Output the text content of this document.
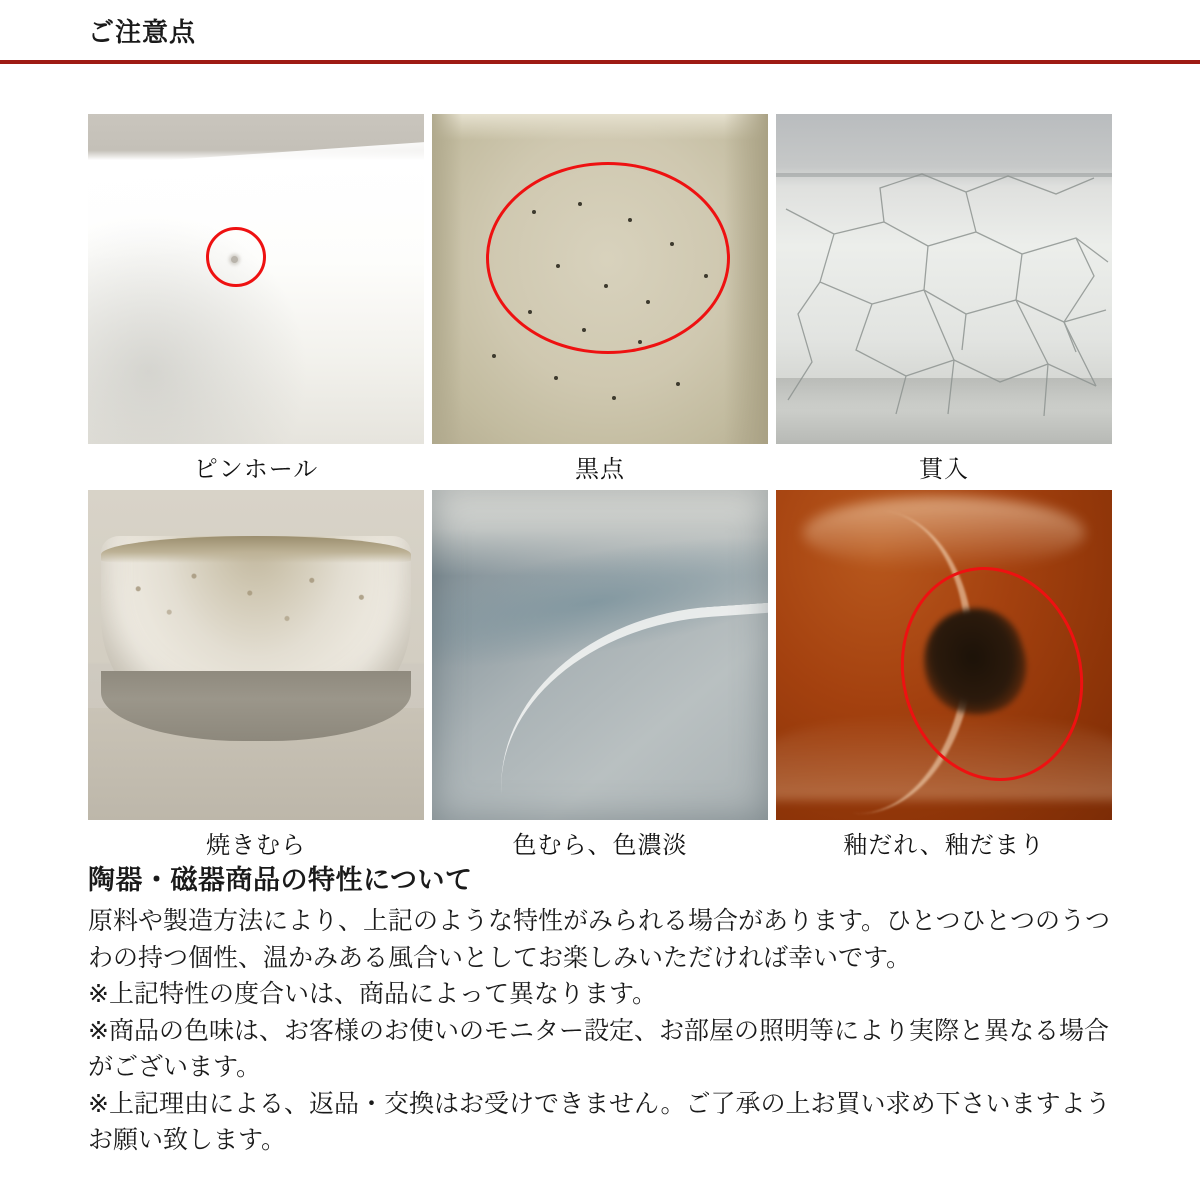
ご注意点
ピンホール	黒点	貫入
焼きむら	色むら、色濃淡	釉だれ、釉だまり
陶器・磁器商品の特性について

原料や製造方法により、上記のような特性がみられる場合があります。ひとつひとつのうつわの持つ個性、温かみある風合いとしてお楽しみいただければ幸いです。

※上記特性の度合いは、商品によって異なります。

※商品の色味は、お客様のお使いのモニター設定、お部屋の照明等により実際と異なる場合がございます。

※上記理由による、返品・交換はお受けできません。ご了承の上お買い求め下さいますようお願い致します。
